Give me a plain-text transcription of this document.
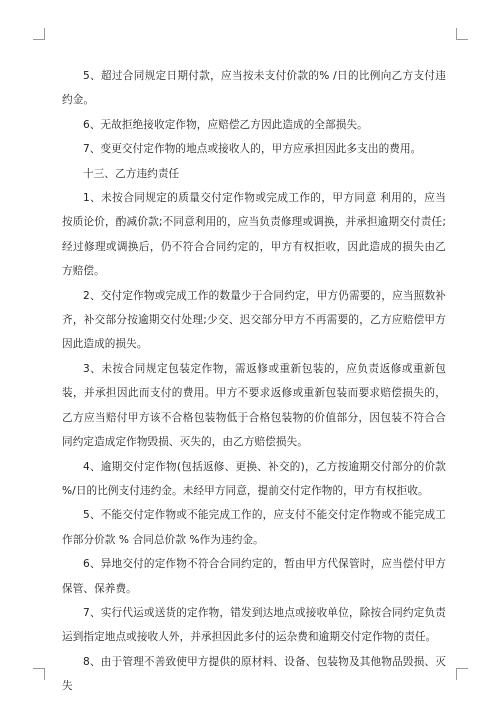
5、超过合同规定日期付款，应当按未支付价款的% /日的比例向乙方支付违约金。

6、无故拒绝接收定作物，应赔偿乙方因此造成的全部损失。

7、变更交付定作物的地点或接收人的，甲方应承担因此多支出的费用。

十三、乙方违约责任

1、未按合同规定的质量交付定作物或完成工作的，甲方同意 利用的，应当按质论价，酌减价款;不同意利用的，应当负责修理或调换，并承担逾期交付责任;经过修理或调换后，仍不符合合同约定的，甲方有权拒收，因此造成的损失由乙方赔偿。

2、交付定作物或完成工作的数量少于合同约定，甲方仍需要的，应当照数补齐，补交部分按逾期交付处理;少交、迟交部分甲方不再需要的，乙方应赔偿甲方因此造成的损失。

3、未按合同规定包装定作物，需返修或重新包装的，应负责返修或重新包装，并承担因此而支付的费用。甲方不要求返修或重新包装而要求赔偿损失的，乙方应当赔付甲方该不合格包装物低于合格包装物的价值部分，因包装不符合合同约定造成定作物毁损、灭失的，由乙方赔偿损失。

4、逾期交付定作物(包括返修、更换、补交的)，乙方按逾期交付部分的价款 %/日的比例支付违约金。未经甲方同意，提前交付定作物的，甲方有权拒收。

5、不能交付定作物或不能完成工作的，应支付不能交付定作物或不能完成工作部分价款 % 合同总价款 %作为违约金。

6、异地交付的定作物不符合合同约定的，暂由甲方代保管时，应当偿付甲方保管、保养费。

7、实行代运或送货的定作物，错发到达地点或接收单位，除按合同约定负责运到指定地点或接收人外，并承担因此多付的运杂费和逾期交付定作物的责任。

8、由于管理不善致使甲方提供的原材料、设备、包装物及其他物品毁损、灭失
